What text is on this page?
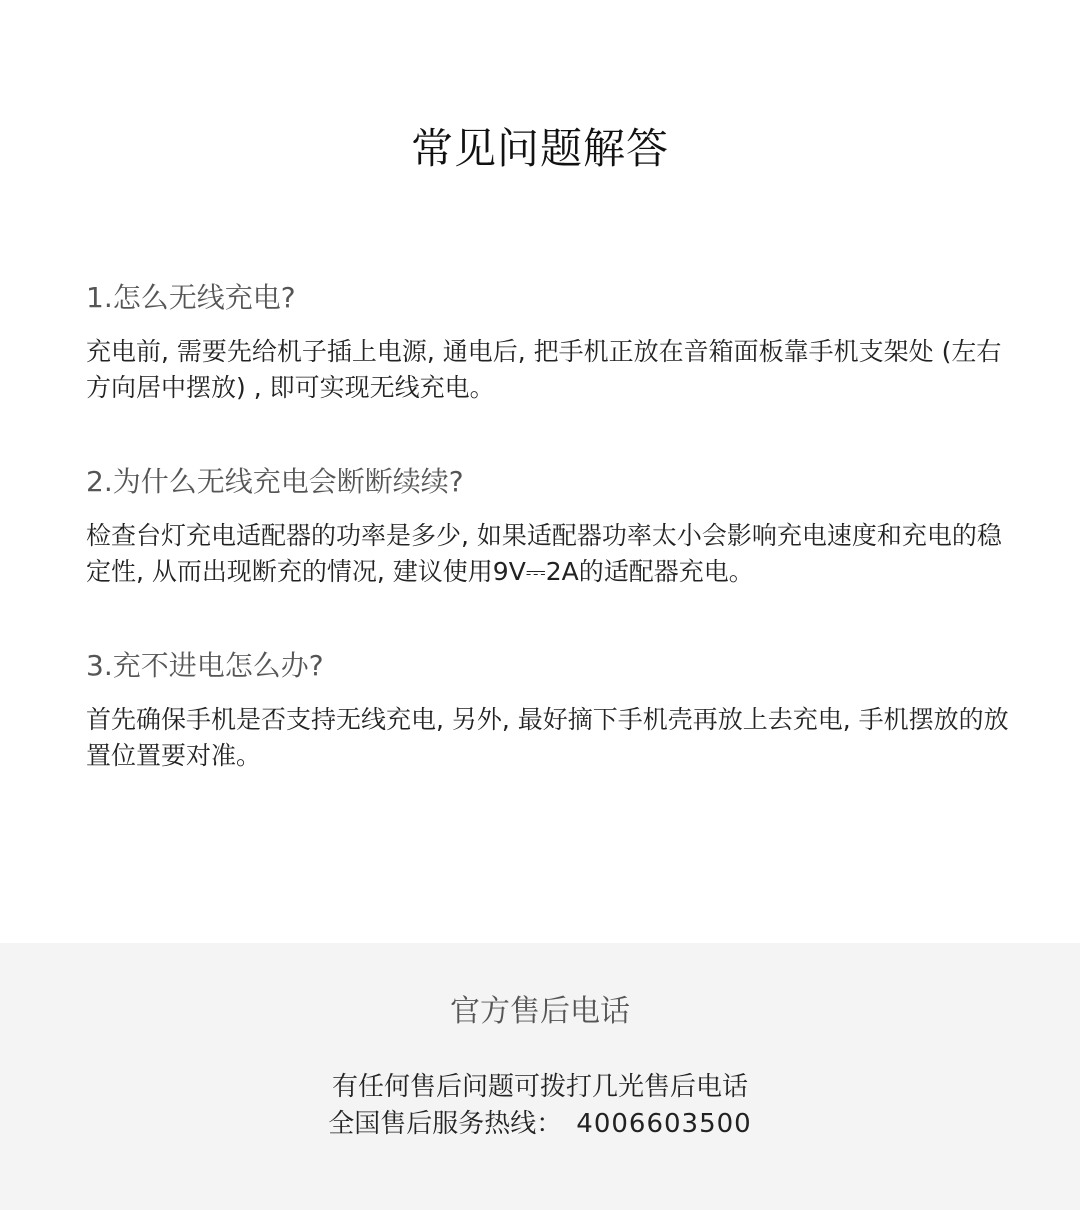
常见问题解答
1.怎么无线充电?

充电前, 需要先给机子插上电源, 通电后, 把手机正放在音箱面板靠手机支架处 (左右方向居中摆放) , 即可实现无线充电。

2.为什么无线充电会断断续续?

检查台灯充电适配器的功率是多少, 如果适配器功率太小会影响充电速度和充电的稳定性, 从而出现断充的情况, 建议使用9V⎓2A的适配器充电。

3.充不进电怎么办?

首先确保手机是否支持无线充电, 另外, 最好摘下手机壳再放上去充电, 手机摆放的放置位置要对准。

官方售后电话
有任何售后问题可拨打几光售后电话
全国售后服务热线： 4006603500
